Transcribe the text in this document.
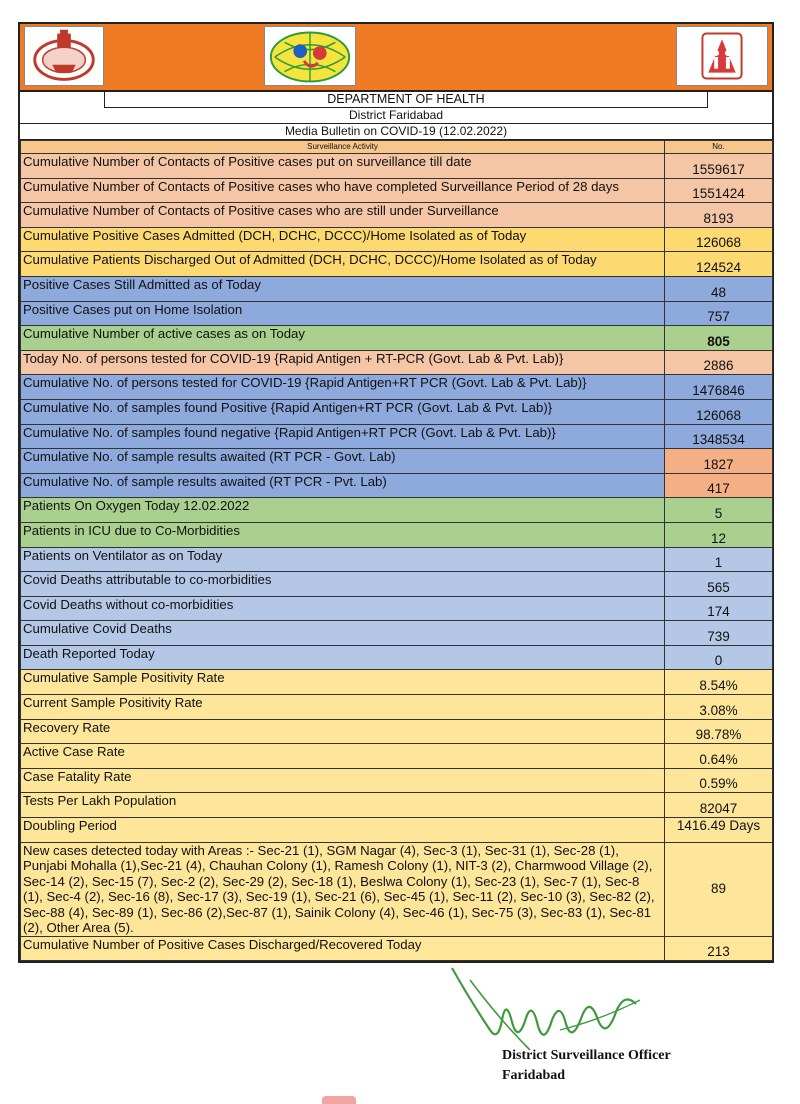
DEPARTMENT OF HEALTH
District Faridabad
Media Bulletin on COVID-19 (12.02.2022)
Surveillance Activity	No.
Cumulative Number of Contacts of Positive cases put on surveillance till date	1559617
Cumulative Number of Contacts of Positive cases who have completed Surveillance Period of 28 days	1551424
Cumulative Number of Contacts of Positive cases who are still under Surveillance	8193
Cumulative Positive Cases Admitted (DCH, DCHC, DCCC)/Home Isolated as of Today	126068
Cumulative Patients Discharged Out of Admitted (DCH, DCHC, DCCC)/Home Isolated as of Today	124524
Positive Cases Still Admitted as of Today	48
Positive Cases put on Home Isolation	757
Cumulative Number of active cases as on Today	805
Today No. of persons tested for COVID-19 {Rapid Antigen + RT-PCR (Govt. Lab & Pvt. Lab)}	2886
Cumulative No. of persons tested for COVID-19 {Rapid Antigen+RT PCR (Govt. Lab & Pvt. Lab)}	1476846
Cumulative No. of samples found Positive {Rapid Antigen+RT PCR (Govt. Lab & Pvt. Lab)}	126068
Cumulative No. of samples found negative {Rapid Antigen+RT PCR (Govt. Lab & Pvt. Lab)}	1348534
Cumulative No. of sample results awaited (RT PCR - Govt. Lab)	1827
Cumulative No. of sample results awaited (RT PCR - Pvt. Lab)	417
Patients On Oxygen Today 12.02.2022	5
Patients in ICU due to Co-Morbidities	12
Patients on Ventilator as on Today	1
Covid Deaths attributable to co-morbidities	565
Covid Deaths without co-morbidities	174
Cumulative Covid Deaths	739
Death Reported Today	0
Cumulative Sample Positivity Rate	8.54%
Current Sample Positivity Rate	3.08%
Recovery Rate	98.78%
Active Case Rate	0.64%
Case Fatality Rate	0.59%
Tests Per Lakh Population	82047
Doubling Period	1416.49 Days
New cases detected today with Areas :- Sec-21 (1), SGM Nagar (4), Sec-3 (1), Sec-31 (1), Sec-28 (1), Punjabi Mohalla (1),Sec-21 (4), Chauhan Colony (1), Ramesh Colony (1), NIT-3 (2), Charmwood Village (2), Sec-14 (2), Sec-15 (7), Sec-2 (2), Sec-29 (2), Sec-18 (1), Beslwa Colony (1), Sec-23 (1), Sec-7 (1), Sec-8 (1), Sec-4 (2), Sec-16 (8), Sec-17 (3), Sec-19 (1), Sec-21 (6), Sec-45 (1), Sec-11 (2), Sec-10 (3), Sec-82 (2), Sec-88 (4), Sec-89 (1), Sec-86 (2),Sec-87 (1), Sainik Colony (4), Sec-46 (1), Sec-75 (3), Sec-83 (1), Sec-81 (2), Other Area (5).	89
Cumulative Number of Positive Cases Discharged/Recovered Today	213
District Surveillance Officer
Faridabad
